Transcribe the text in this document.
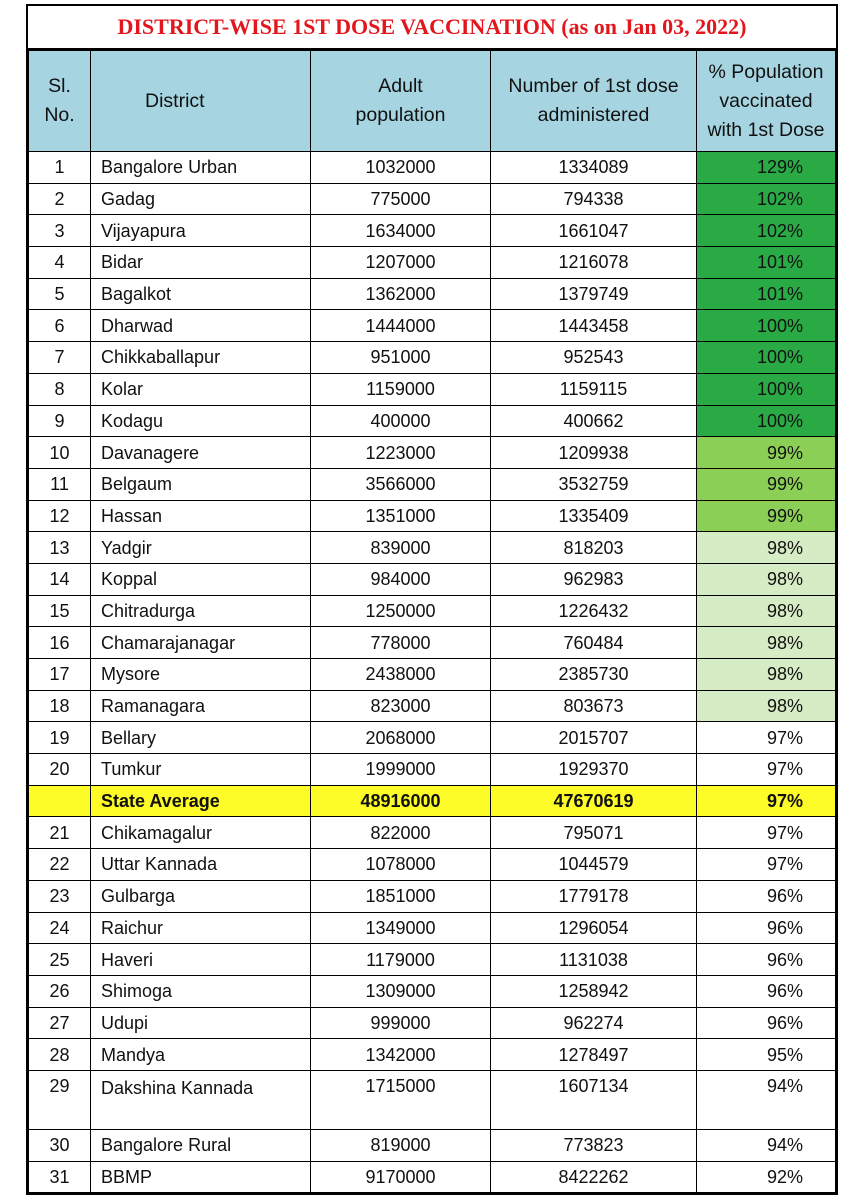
DISTRICT-WISE 1ST DOSE VACCINATION (as on Jan 03, 2022)
Sl. No.	District	Adult population	Number of 1st dose administered	% Population vaccinated with 1st Dose
1	Bangalore Urban	1032000	1334089	129%
2	Gadag	775000	794338	102%
3	Vijayapura	1634000	1661047	102%
4	Bidar	1207000	1216078	101%
5	Bagalkot	1362000	1379749	101%
6	Dharwad	1444000	1443458	100%
7	Chikkaballapur	951000	952543	100%
8	Kolar	1159000	1159115	100%
9	Kodagu	400000	400662	100%
10	Davanagere	1223000	1209938	99%
11	Belgaum	3566000	3532759	99%
12	Hassan	1351000	1335409	99%
13	Yadgir	839000	818203	98%
14	Koppal	984000	962983	98%
15	Chitradurga	1250000	1226432	98%
16	Chamarajanagar	778000	760484	98%
17	Mysore	2438000	2385730	98%
18	Ramanagara	823000	803673	98%
19	Bellary	2068000	2015707	97%
20	Tumkur	1999000	1929370	97%
	State Average	48916000	47670619	97%
21	Chikamagalur	822000	795071	97%
22	Uttar Kannada	1078000	1044579	97%
23	Gulbarga	1851000	1779178	96%
24	Raichur	1349000	1296054	96%
25	Haveri	1179000	1131038	96%
26	Shimoga	1309000	1258942	96%
27	Udupi	999000	962274	96%
28	Mandya	1342000	1278497	95%
29	Dakshina Kannada	1715000	1607134	94%
30	Bangalore Rural	819000	773823	94%
31	BBMP	9170000	8422262	92%
